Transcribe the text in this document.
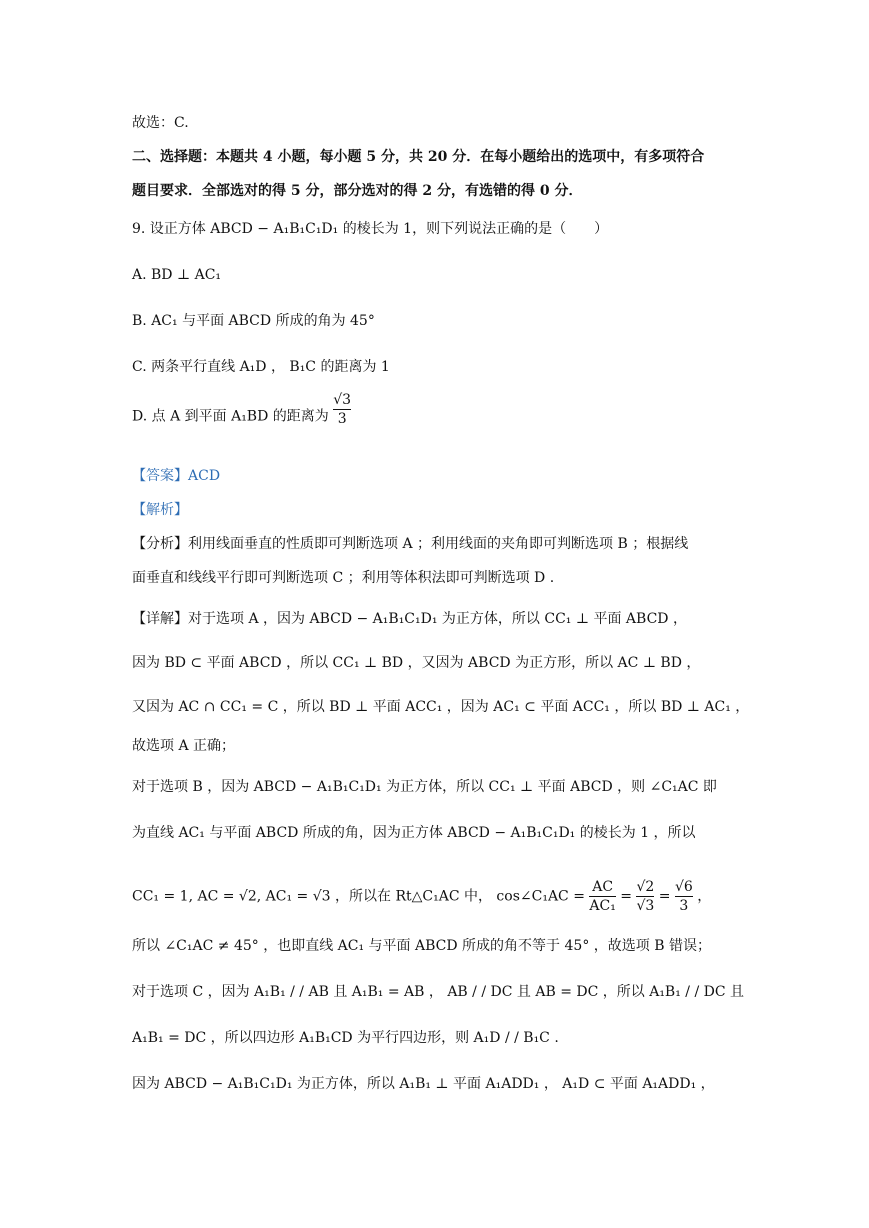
故选：C.
二、选择题：本题共 4 小题，每小题 5 分，共 20 分．在每小题给出的选项中，有多项符合
题目要求．全部选对的得 5 分，部分选对的得 2 分，有选错的得 0 分．
9. 设正方体 ABCD − A₁B₁C₁D₁ 的棱长为 1，则下列说法正确的是（　　）
A. BD ⊥ AC₁
B. AC₁ 与平面 ABCD 所成的角为 45°
C. 两条平行直线 A₁D ， B₁C 的距离为 1
D. 点 A 到平面 A₁BD 的距离为 $\frac{√3}{3}$
【答案】ACD
【解析】
【分析】利用线面垂直的性质即可判断选项 A ；利用线面的夹角即可判断选项 B ；根据线
面垂直和线线平行即可判断选项 C ；利用等体积法即可判断选项 D .
【详解】对于选项 A ，因为 ABCD − A₁B₁C₁D₁ 为正方体，所以 CC₁ ⊥ 平面 ABCD ，
因为 BD ⊂ 平面 ABCD ，所以 CC₁ ⊥ BD ，又因为 ABCD 为正方形，所以 AC ⊥ BD ，
又因为 AC ∩ CC₁ = C ，所以 BD ⊥ 平面 ACC₁ ，因为 AC₁ ⊂ 平面 ACC₁ ，所以 BD ⊥ AC₁ ，
故选项 A 正确；
对于选项 B ，因为 ABCD − A₁B₁C₁D₁ 为正方体，所以 CC₁ ⊥ 平面 ABCD ，则 ∠C₁AC 即
为直线 AC₁ 与平面 ABCD 所成的角，因为正方体 ABCD − A₁B₁C₁D₁ 的棱长为 1 ，所以
CC₁ = 1, AC = √2, AC₁ = √3 ，所以在 Rt△C₁AC 中， cos∠C₁AC = $\frac{AC}{\text{AC₁}} = \frac{√2}{√3} = \frac{√6}{3}$ ，
所以 ∠C₁AC ≠ 45° ，也即直线 AC₁ 与平面 ABCD 所成的角不等于 45° ，故选项 B 错误；
对于选项 C ，因为 A₁B₁ / / AB 且 A₁B₁ = AB ， AB / / DC 且 AB = DC ，所以 A₁B₁ / / DC 且
A₁B₁ = DC ，所以四边形 A₁B₁CD 为平行四边形，则 A₁D / / B₁C .
因为 ABCD − A₁B₁C₁D₁ 为正方体，所以 A₁B₁ ⊥ 平面 A₁ADD₁ ， A₁D ⊂ 平面 A₁ADD₁ ，
